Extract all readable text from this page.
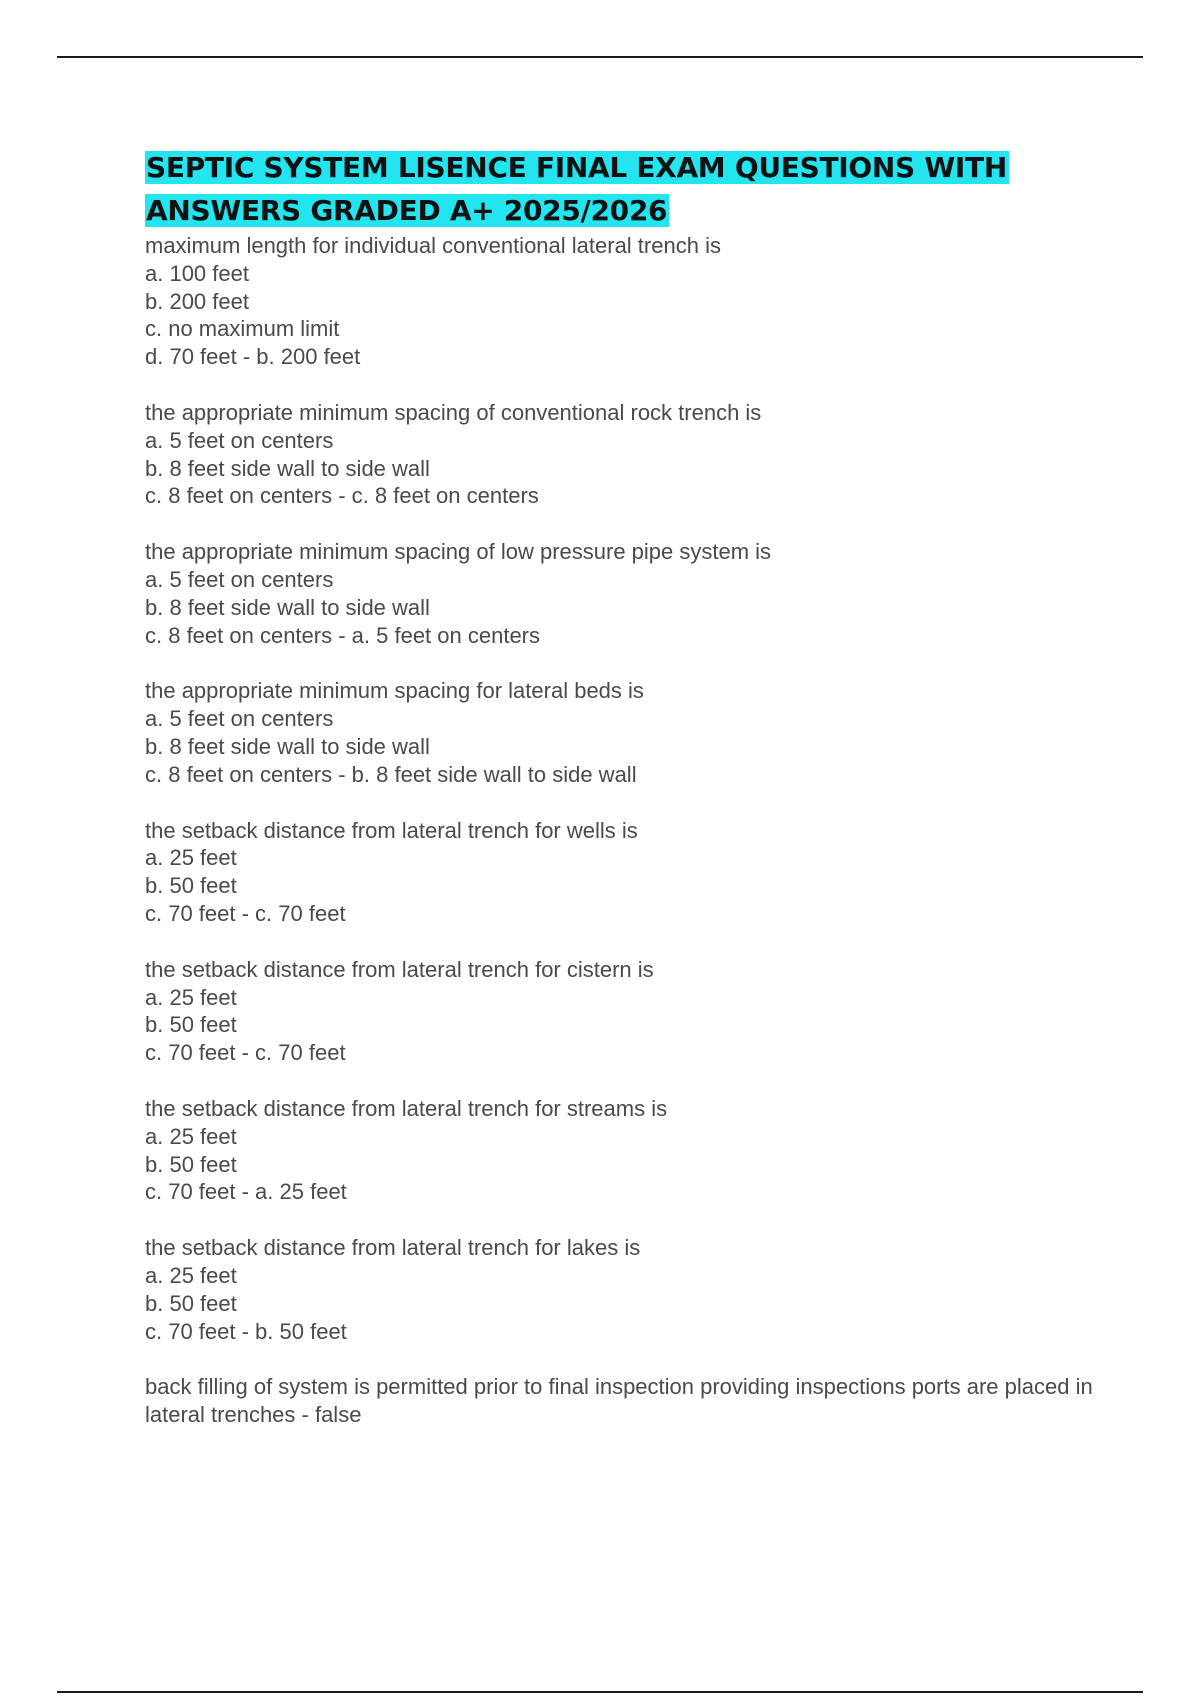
SEPTIC SYSTEM LISENCE FINAL EXAM QUESTIONS WITH
ANSWERS GRADED A+ 2025/2026
maximum length for individual conventional lateral trench is
a. 100 feet
b. 200 feet
c. no maximum limit
d. 70 feet - b. 200 feet
the appropriate minimum spacing of conventional rock trench is
a. 5 feet on centers
b. 8 feet side wall to side wall
c. 8 feet on centers - c. 8 feet on centers
the appropriate minimum spacing of low pressure pipe system is
a. 5 feet on centers
b. 8 feet side wall to side wall
c. 8 feet on centers - a. 5 feet on centers
the appropriate minimum spacing for lateral beds is
a. 5 feet on centers
b. 8 feet side wall to side wall
c. 8 feet on centers - b. 8 feet side wall to side wall
the setback distance from lateral trench for wells is
a. 25 feet
b. 50 feet
c. 70 feet - c. 70 feet
the setback distance from lateral trench for cistern is
a. 25 feet
b. 50 feet
c. 70 feet - c. 70 feet
the setback distance from lateral trench for streams is
a. 25 feet
b. 50 feet
c. 70 feet - a. 25 feet
the setback distance from lateral trench for lakes is
a. 25 feet
b. 50 feet
c. 70 feet - b. 50 feet
back filling of system is permitted prior to final inspection providing inspections ports are placed in lateral trenches - false
